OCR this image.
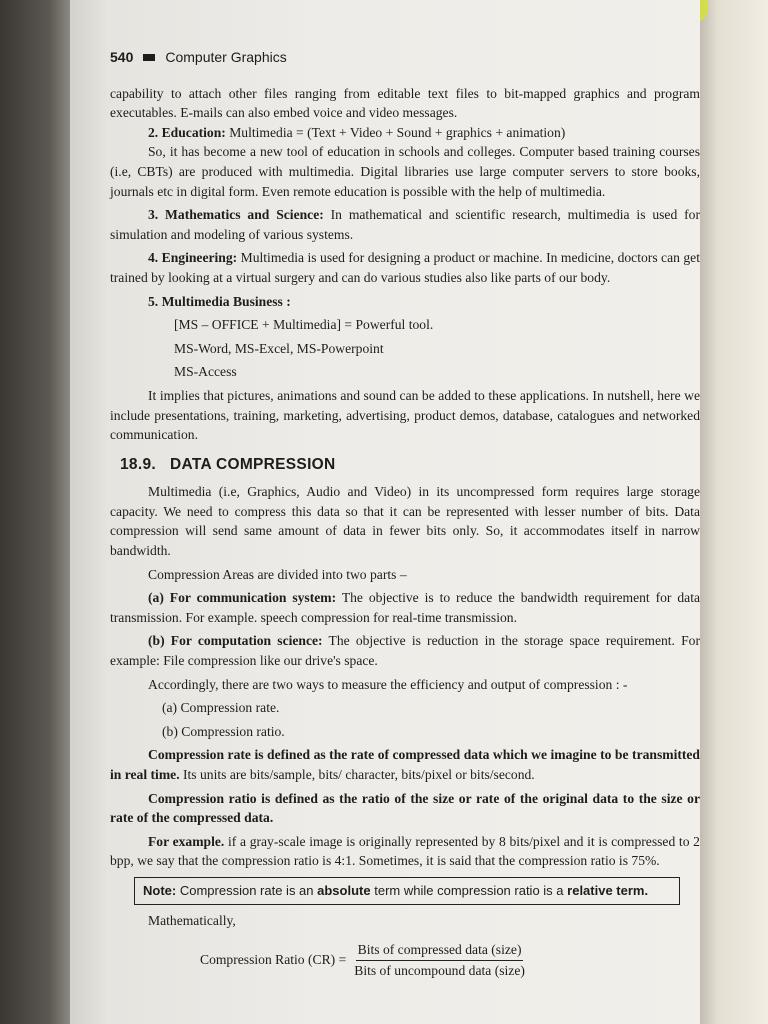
540 Computer Graphics

capability to attach other files ranging from editable text files to bit-mapped graphics and program executables. E-mails can also embed voice and video messages.

2. Education: Multimedia = (Text + Video + Sound + graphics + animation)

So, it has become a new tool of education in schools and colleges. Computer based training courses (i.e, CBTs) are produced with multimedia. Digital libraries use large computer servers to store books, journals etc in digital form. Even remote education is possible with the help of multimedia.

3. Mathematics and Science: In mathematical and scientific research, multimedia is used for simulation and modeling of various systems.

4. Engineering: Multimedia is used for designing a product or machine. In medicine, doctors can get trained by looking at a virtual surgery and can do various studies also like parts of our body.

5. Multimedia Business :

[MS – OFFICE + Multimedia] = Powerful tool.

MS-Word, MS-Excel, MS-Powerpoint

MS-Access

It implies that pictures, animations and sound can be added to these applications. In nutshell, here we include presentations, training, marketing, advertising, product demos, database, catalogues and networked communication.

18.9. DATA COMPRESSION

Multimedia (i.e, Graphics, Audio and Video) in its uncompressed form requires large storage capacity. We need to compress this data so that it can be represented with lesser number of bits. Data compression will send same amount of data in fewer bits only. So, it accommodates itself in narrow bandwidth.

Compression Areas are divided into two parts –

(a) For communication system: The objective is to reduce the bandwidth requirement for data transmission. For example. speech compression for real-time transmission.

(b) For computation science: The objective is reduction in the storage space requirement. For example: File compression like our drive's space.

Accordingly, there are two ways to measure the efficiency and output of compression : -

(a) Compression rate.

(b) Compression ratio.

Compression rate is defined as the rate of compressed data which we imagine to be transmitted in real time. Its units are bits/sample, bits/ character, bits/pixel or bits/second.

Compression ratio is defined as the ratio of the size or rate of the original data to the size or rate of the compressed data.

For example. if a gray-scale image is originally represented by 8 bits/pixel and it is compressed to 2 bpp, we say that the compression ratio is 4:1. Sometimes, it is said that the compression ratio is 75%.

Note: Compression rate is an absolute term while compression ratio is a relative term.

Mathematically,

Compression Ratio $(CR) = \frac{\text{Bits of compressed data (size)}}{\text{Bits of uncompound data (size)}}$
